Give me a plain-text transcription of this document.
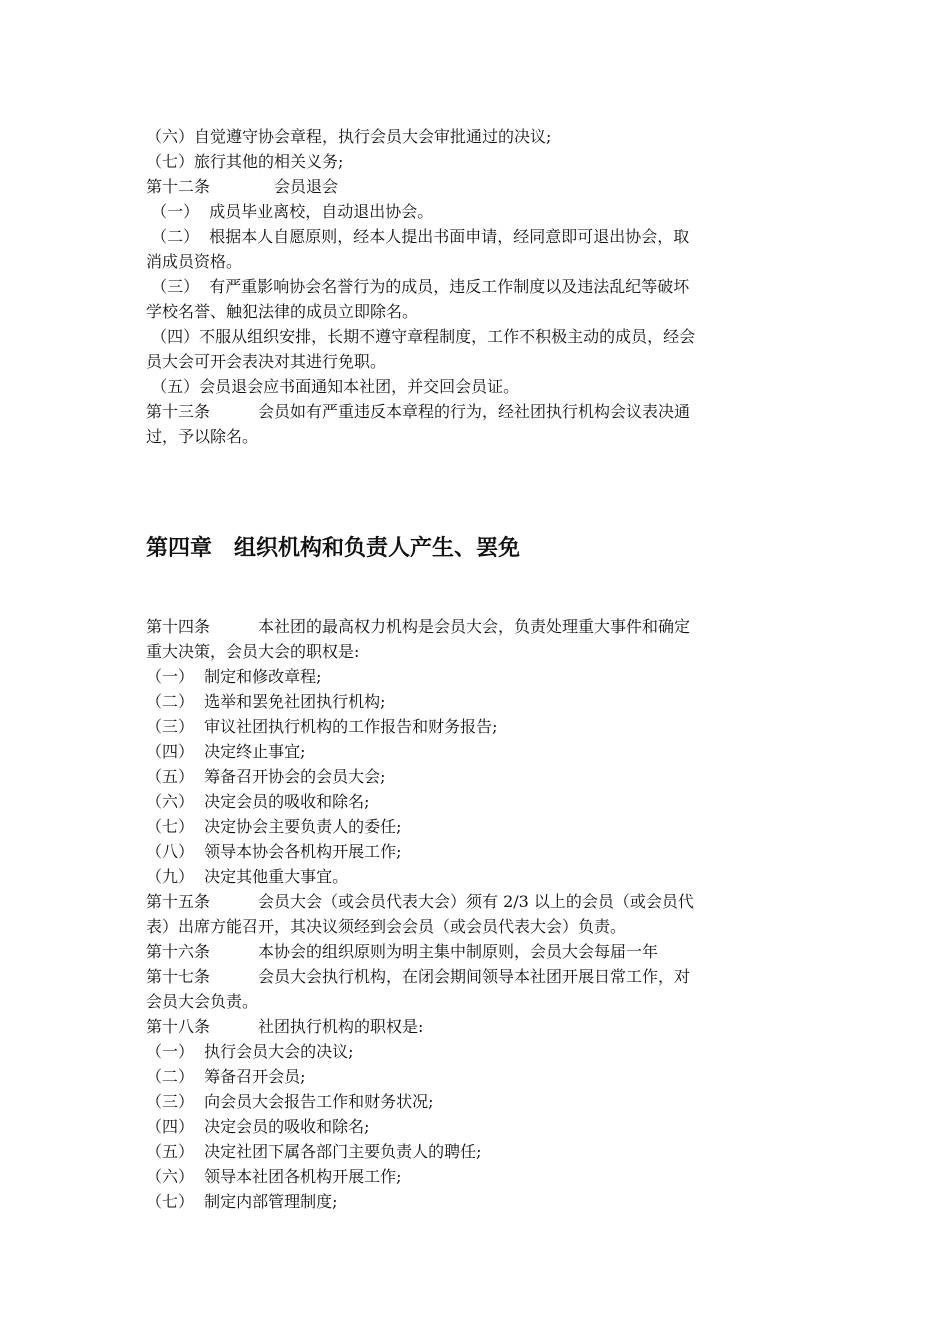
（六）自觉遵守协会章程，执行会员大会审批通过的决议;
（七）旅行其他的相关义务;
第十二条　　　　会员退会
（一）  成员毕业离校，自动退出协会。
（二）  根据本人自愿原则，经本人提出书面申请，经同意即可退出协会，取
消成员资格。
（三）  有严重影响协会名誉行为的成员，违反工作制度以及违法乱纪等破坏
学校名誉、触犯法律的成员立即除名。
（四）不服从组织安排，长期不遵守章程制度，工作不积极主动的成员，经会
员大会可开会表决对其进行免职。
（五）会员退会应书面通知本社团，并交回会员证。
第十三条　　　会员如有严重违反本章程的行为，经社团执行机构会议表决通
过，予以除名。
第四章　组织机构和负责人产生、罢免
第十四条　　　本社团的最高权力机构是会员大会，负责处理重大事件和确定
重大决策，会员大会的职权是:
（一）  制定和修改章程;
（二）  选举和罢免社团执行机构;
（三）  审议社团执行机构的工作报告和财务报告;
（四）  决定终止事宜;
（五）  筹备召开协会的会员大会;
（六）  决定会员的吸收和除名;
（七）  决定协会主要负责人的委任;
（八）  领导本协会各机构开展工作;
（九）  决定其他重大事宜。
第十五条　　　会员大会（或会员代表大会）须有 2/3 以上的会员（或会员代
表）出席方能召开，其决议须经到会会员（或会员代表大会）负责。
第十六条　　　本协会的组织原则为明主集中制原则，会员大会每届一年
第十七条　　　会员大会执行机构，在闭会期间领导本社团开展日常工作，对
会员大会负责。
第十八条　　　社团执行机构的职权是:
（一）  执行会员大会的决议;
（二）  筹备召开会员;
（三）  向会员大会报告工作和财务状况;
（四）  决定会员的吸收和除名;
（五）  决定社团下属各部门主要负责人的聘任;
（六）  领导本社团各机构开展工作;
（七）  制定内部管理制度;
